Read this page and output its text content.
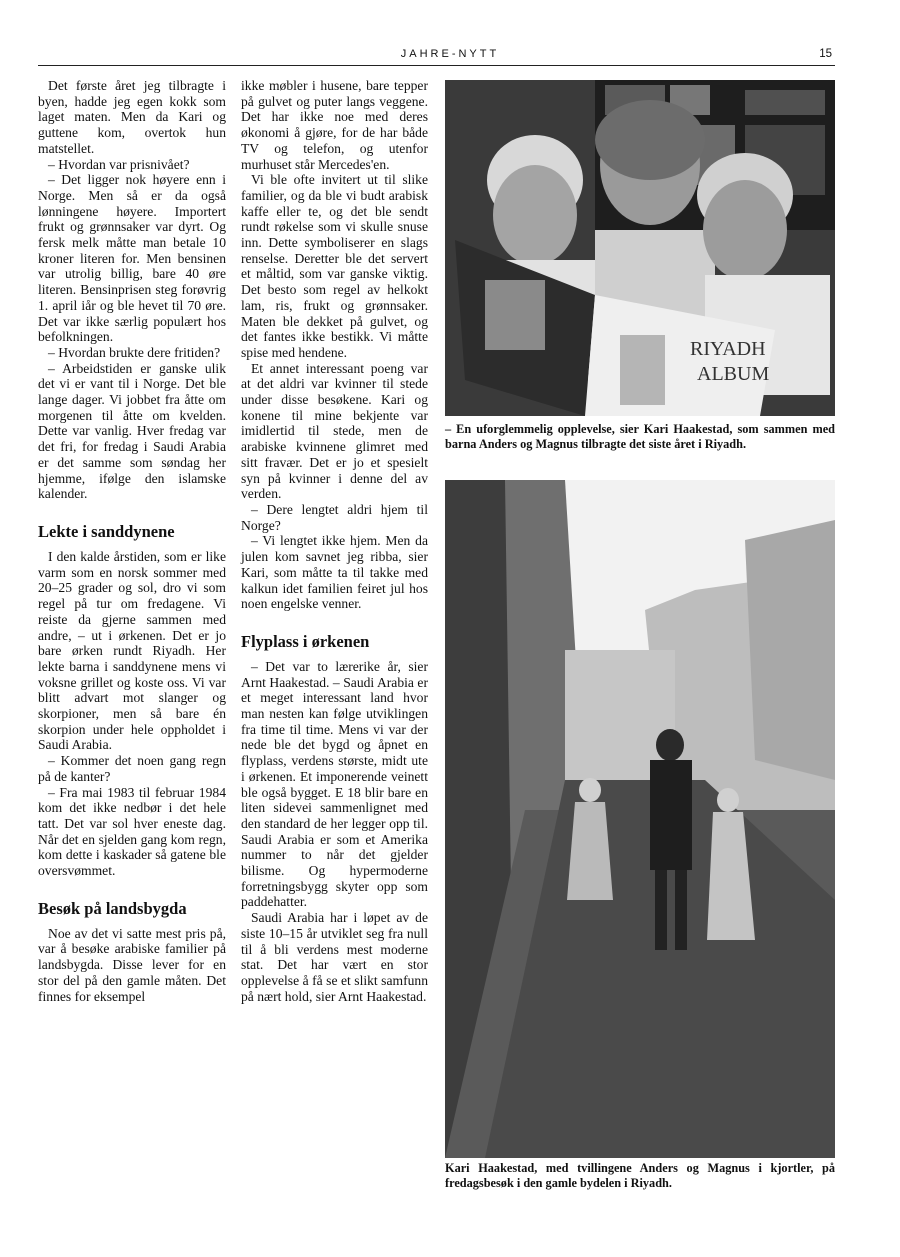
JAHRE-NYTT	15

Det første året jeg tilbragte i byen, hadde jeg egen kokk som laget maten. Men da Kari og guttene kom, overtok hun matstellet.

– Hvordan var prisnivået?

– Det ligger nok høyere enn i Norge. Men så er da også lønningene høyere. Importert frukt og grønnsaker var dyrt. Og fersk melk måtte man betale 10 kroner literen for. Men bensinen var utrolig billig, bare 40 øre literen. Bensinprisen steg forøvrig 1. april iår og ble hevet til 70 øre. Det var ikke særlig populært hos befolkningen.

– Hvordan brukte dere fritiden?

– Arbeidstiden er ganske ulik det vi er vant til i Norge. Det ble lange dager. Vi jobbet fra åtte om morgenen til åtte om kvelden. Dette var vanlig. Hver fredag var det fri, for fredag i Saudi Arabia er det samme som søndag her hjemme, ifølge den islamske kalender.

Lekte i sanddynene

I den kalde årstiden, som er like varm som en norsk sommer med 20–25 grader og sol, dro vi som regel på tur om fredagene. Vi reiste da gjerne sammen med andre, – ut i ørkenen. Det er jo bare ørken rundt Riyadh. Her lekte barna i sanddynene mens vi voksne grillet og koste oss. Vi var blitt advart mot slanger og skorpioner, men så bare én skorpion under hele oppholdet i Saudi Arabia.

– Kommer det noen gang regn på de kanter?

– Fra mai 1983 til februar 1984 kom det ikke nedbør i det hele tatt. Det var sol hver eneste dag. Når det en sjelden gang kom regn, kom dette i kaskader så gatene ble oversvømmet.

Besøk på landsbygda

Noe av det vi satte mest pris på, var å besøke arabiske familier på landsbygda. Disse lever for en stor del på den gamle måten. Det finnes for eksempel

ikke møbler i husene, bare tepper på gulvet og puter langs veggene. Det har ikke noe med deres økonomi å gjøre, for de har både TV og telefon, og utenfor murhuset står Mercedes'en.

Vi ble ofte invitert ut til slike familier, og da ble vi budt arabisk kaffe eller te, og det ble sendt rundt røkelse som vi skulle snuse inn. Dette symboliserer en slags renselse. Deretter ble det servert et måltid, som var ganske viktig. Det besto som regel av helkokt lam, ris, frukt og grønnsaker. Maten ble dekket på gulvet, og det fantes ikke bestikk. Vi måtte spise med hendene.

Et annet interessant poeng var at det aldri var kvinner til stede under disse besøkene. Kari og konene til mine bekjente var imidlertid til stede, men de arabiske kvinnene glimret med sitt fravær. Det er jo et spesielt syn på kvinner i denne del av verden.

– Dere lengtet aldri hjem til Norge?

– Vi lengtet ikke hjem. Men da julen kom savnet jeg ribba, sier Kari, som måtte ta til takke med kalkun idet familien feiret jul hos noen engelske venner.

Flyplass i ørkenen

– Det var to lærerike år, sier Arnt Haakestad. – Saudi Arabia er et meget interessant land hvor man nesten kan følge utviklingen fra time til time. Mens vi var der nede ble det bygd og åpnet en flyplass, verdens største, midt ute i ørkenen. Et imponerende veinett ble også bygget. E 18 blir bare en liten sidevei sammenlignet med den standard de her legger opp til. Saudi Arabia er som et Amerika nummer to når det gjelder bilisme. Og hypermoderne forretningsbygg skyter opp som paddehatter.

Saudi Arabia har i løpet av de siste 10–15 år utviklet seg fra null til å bli verdens mest moderne stat. Det har vært en stor opplevelse å få se et slikt samfunn på nært hold, sier Arnt Haakestad.

RIYADH
ALBUM
– En uforglemmelig opplevelse, sier Kari Haakestad, som sammen med barna Anders og Magnus tilbragte det siste året i Riyadh.
Kari Haakestad, med tvillingene Anders og Magnus i kjortler, på fredagsbesøk i den gamle bydelen i Riyadh.
